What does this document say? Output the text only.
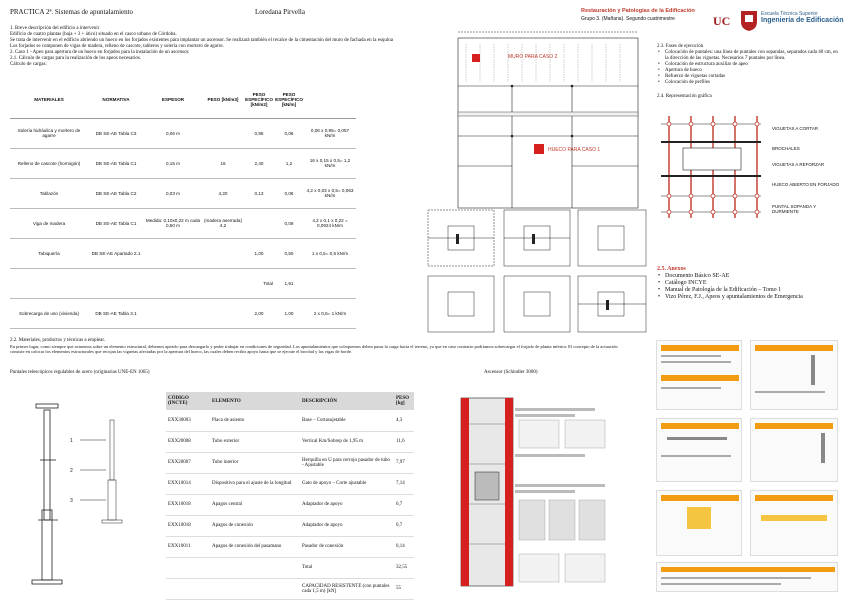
PRACTICA 2ª. Sistemas de apuntalamiento	Loredana Pirvella
1. Breve descripción del edificio a intervenir
Edificio de cuatro plantas (baja + 3 + ático) situado en el casco urbano de Córdoba.
Se trata de intervenir en el edificio abriendo un hueco en los forjados existentes para implantar un ascensor. Se realizará también el recalce de la cimentación del muro de fachada en la esquina
Los forjados se componen de vigas de madera, relleno de cascote, tableros y solería con mortero de agarre.
2. Caso 1 - Apeo para apertura de un hueco en forjados para la instalación de un ascensor.
2.1. Cálculo de cargas para la realización de los apeos necesarios.
Cálculo de cargas:
MATERIALES	NORMATIVA	ESPESOR	PESO [kN/m3]	PESO ESPECÍFICO [kN/m2]	PESO ESPECÍFICO [kN/m]	
Solería hidráulica y mortero de agarre	DB SE-AE Tabla C3	0,06 m		0,95	0,06	0,06 x 0,95= 0,057 kN/m
Relleno de cascote (hormigón)	DB SE-AE Tabla C1	0,15 m	16	2,40	1,2	16 x 0,15 x 0,5= 1,2 kN/m
Tablazón	DB SE-AE Tabla C2	0,03 m	4,20	0,13	0,06	4,2 x 0,03 x 0,5= 0,063 kN/m
Viga de madera	DB SE-AE Tabla C1	Medida: 0,10x0,22 m cada 0,50 m	(madera aserrada) 4,2		0,09	4,2 x 0,1 x 0,22 = 0,0924 kN/m
Tabiquería	DB SE-AE Apartado 2.1			1,00	0,50	1 x 0,5= 0,5 kN/m
				Total	1,91	
Sobrecarga de uso (vivienda)	DB SE-AE Tabla 3.1			2,00	1,00	2 x 0,5= 1 kN/m
2.2. Materiales, productos y técnicas a emplear.
En primer lugar, como siempre que actuemos sobre un elemento estructural, debemos apearlo para descargarlo y poder trabajar en condiciones de seguridad. Los apuntalamientos que coloquemos deben pasar la carga hacia el terreno, ya que en caso contrario podríamos sobrecargar el forjado de planta inferior. El concepto de la actuación consiste en colocar los elementos estructurales que recojan las viguetas afectadas por la apertura del hueco, las cuales deben recibir apoyo hasta que se ejecute el brochal y las vigas de borde.
MURO PARA CASO 2
HUECO PARA CASO 1
Restauración y Patologías de la Edificación
Grupo 3. (Mañana). Segundo cuatrimestre	UC	Escuela Técnica Superior
Ingeniería de Edificación
2.3. Fases de ejecución
• Colocación de puntales: una línea de puntales con sopandas, separados cada 40 cm, en la dirección de las viguetas. Necesarios 7 puntales por línea.
• Colocación de estructura auxiliar de apeo
• Apertura de hueco
• Refuerzo de viguetas cortadas
• Colocación de perfiles
2.4. Representación gráfica
VIGUETAS A CORTAR
BROCHALES
VIGUETAS A REFORZAR
HUECO ABIERTO EN FORJADO
PUNTAL SOPANDA Y DURMIENTE
2.5. Anexos
• Documento Básico SE-AE
• Catálogo INCYE
• Manual de Patología de la Edificación – Tomo 1
• Vizo Pérez, F.J., Apeos y apuntalamientos de Emergencia
Puntales telescópicos regulables de acero (originarias UNE-EN 1065)	Ascensor (Schindler 3000)
1
2
3
CÓDIGO (INCYE)	ELEMENTO	DESCRIPCIÓN	PESO [kg]
EXX30003	Placa de asiento	Base – Cortasujetable	4,3
EXX20008	Tubo exterior	Vertical Km/Sobrep de 1,95 m	11,6
EXX20007	Tubo interior	Herquilla en U para cerrojo pasador de tubo - Ajustable	7,97
EXX10014	Dispositivo para el ajuste de la longitud	Gato de apoyo – Corte ajustable	7,14
EXX10018	Apagos central	Adaptador de apoyo	0,7
EXX10018	Apagos de conexión	Adaptador de apoyo	0,7
EXX10011	Apagos de conexión del pasamano	Pasador de conexión	0,14
		Total	32,55
		CAPACIDAD RESISTENTE (con puntales cada 1,5 m) [kN]	55
